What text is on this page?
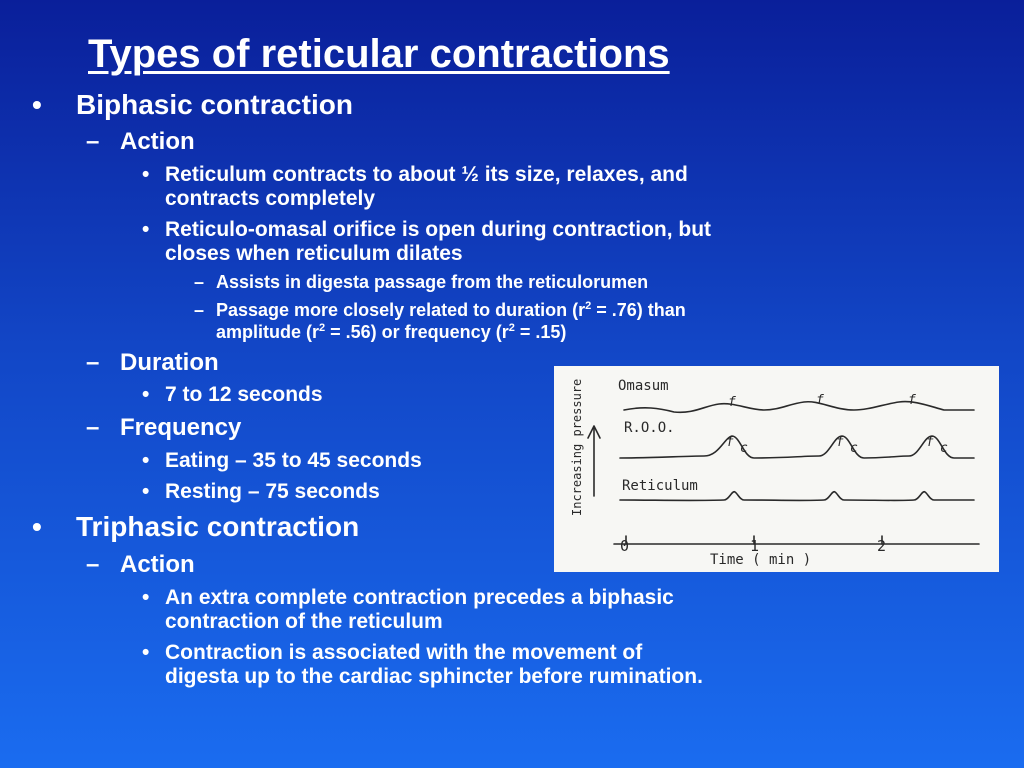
Types of reticular contractions
• Biphasic contraction
– Action
• Reticulum contracts to about ½ its size, relaxes, and
contracts completely
• Reticulo-omasal orifice is open during contraction, but
closes when reticulum dilates
– Assists in digesta passage from the reticulorumen
– Passage more closely related to duration $(r^2 = .76)$ than
amplitude $(r^2 = .56)$ or frequency $(r^2 = .15)$
– Duration
• 7 to 12 seconds
– Frequency
• Eating – 35 to 45 seconds
• Resting – 75 seconds
• Triphasic contraction
– Action
• An extra complete contraction precedes a biphasic
contraction of the reticulum
• Contraction is associated with the movement of
digesta up to the cardiac sphincter before rumination.
Omasum
R.O.O.
Reticulum
Time ( min )
0	1	2
Increasing pressure	f	f	f
f c	f c	f c
